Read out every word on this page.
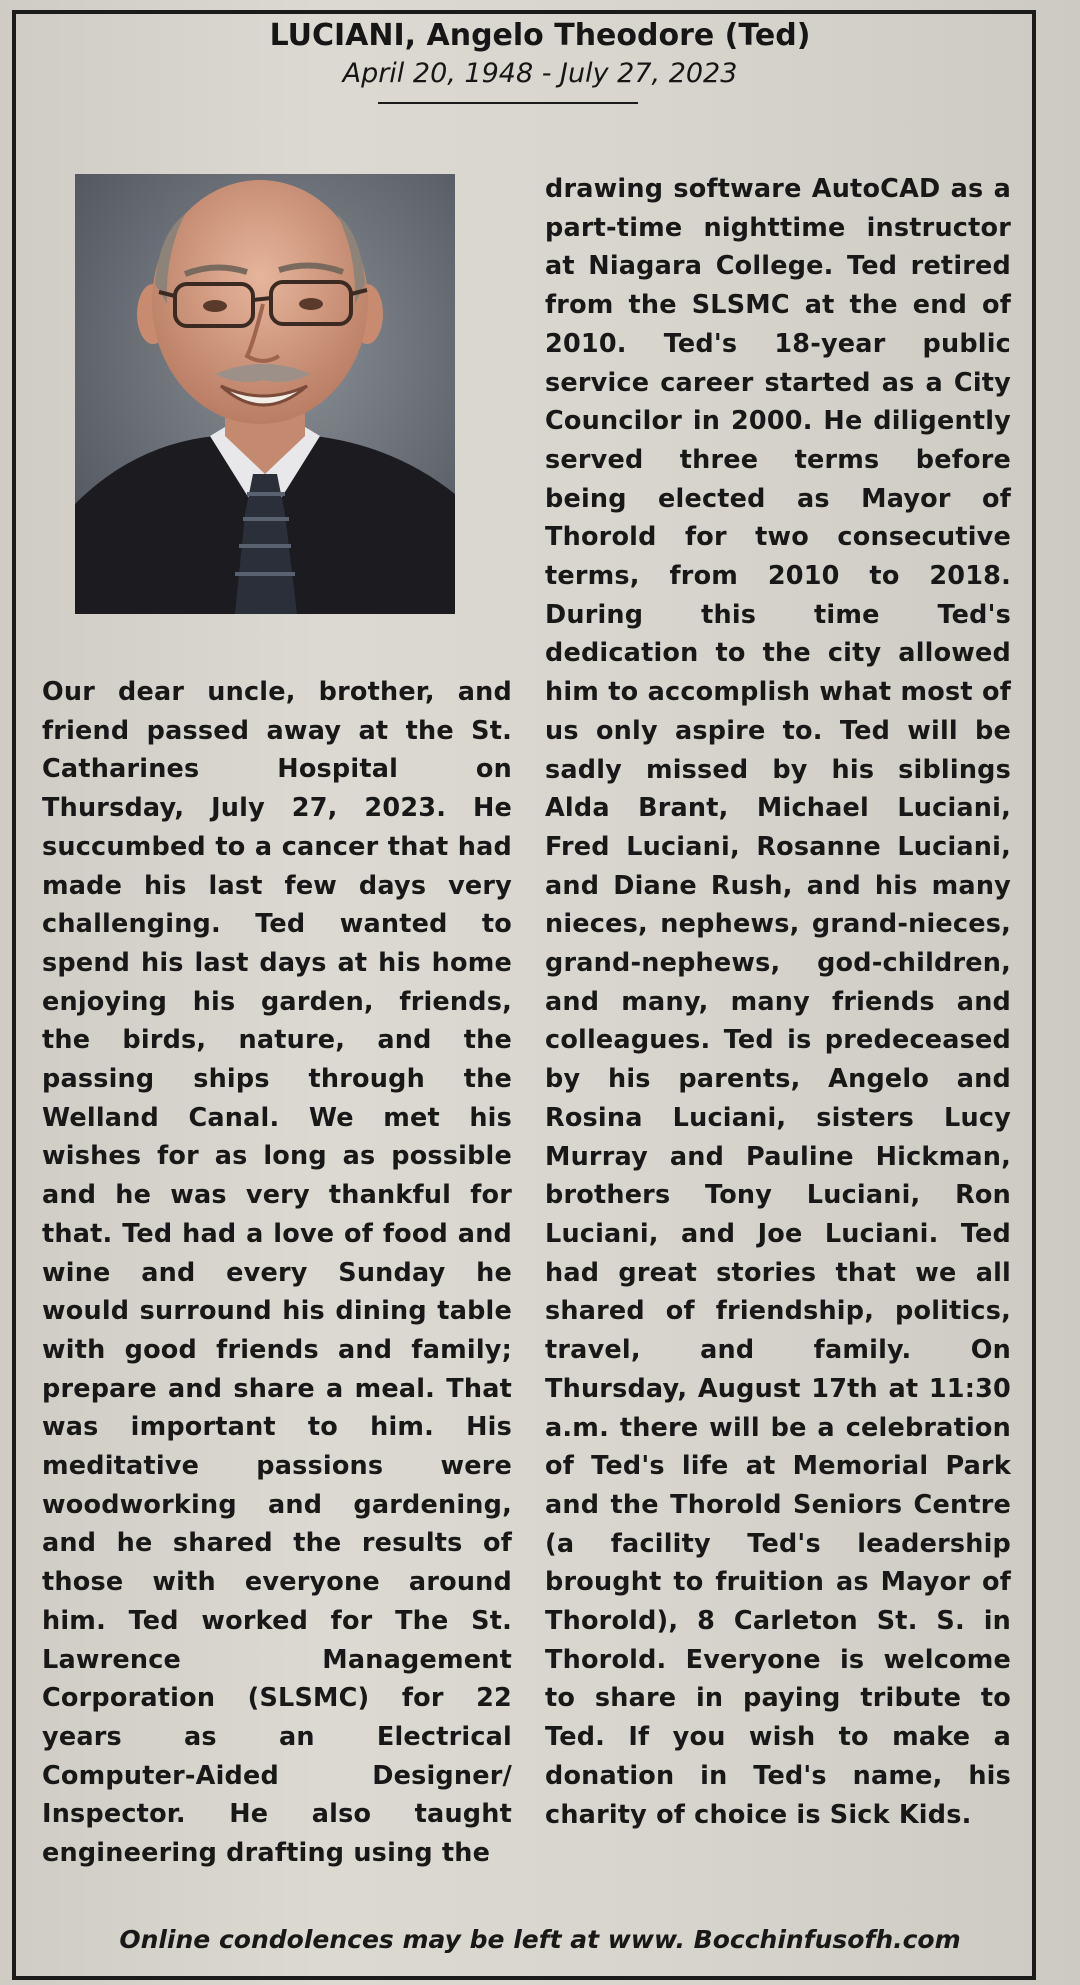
LUCIANI, Angelo Theodore (Ted)
April 20, 1948 - July 27, 2023
Our dear uncle, brother, and friend passed away at the St. Catharines Hospital on Thursday, July 27, 2023. He succumbed to a cancer that had made his last few days very challenging. Ted wanted to spend his last days at his home enjoying his garden, friends, the birds, nature, and the passing ships through the Welland Canal. We met his wishes for as long as possible and he was very thankful for that. Ted had a love of food and wine and every Sunday he would surround his dining table with good friends and family; prepare and share a meal. That was important to him. His meditative passions were woodworking and gardening, and he shared the results of those with everyone around him. Ted worked for The St. Lawrence Management Corporation (SLSMC) for 22 years as an Electrical Computer-Aided Designer/ Inspector. He also taught engineering drafting using the
drawing software AutoCAD as a part-time nighttime instructor at Niagara College. Ted retired from the SLSMC at the end of 2010. Ted's 18-year public service career started as a City Councilor in 2000. He diligently served three terms before being elected as Mayor of Thorold for two consecutive terms, from 2010 to 2018. During this time Ted's dedication to the city allowed him to accomplish what most of us only aspire to. Ted will be sadly missed by his siblings Alda Brant, Michael Luciani, Fred Luciani, Rosanne Luciani, and Diane Rush, and his many nieces, nephews, grand-nieces, grand-nephews, god-children, and many, many friends and colleagues. Ted is predeceased by his parents, Angelo and Rosina Luciani, sisters Lucy Murray and Pauline Hickman, brothers Tony Luciani, Ron Luciani, and Joe Luciani. Ted had great stories that we all shared of friendship, politics, travel, and family. On Thursday, August 17th at 11:30 a.m. there will be a celebration of Ted's life at Memorial Park and the Thorold Seniors Centre (a facility Ted's leadership brought to fruition as Mayor of Thorold), 8 Carleton St. S. in Thorold. Everyone is welcome to share in paying tribute to Ted. If you wish to make a donation in Ted's name, his charity of choice is Sick Kids.
Online condolences may be left at www. Bocchinfusofh.com
